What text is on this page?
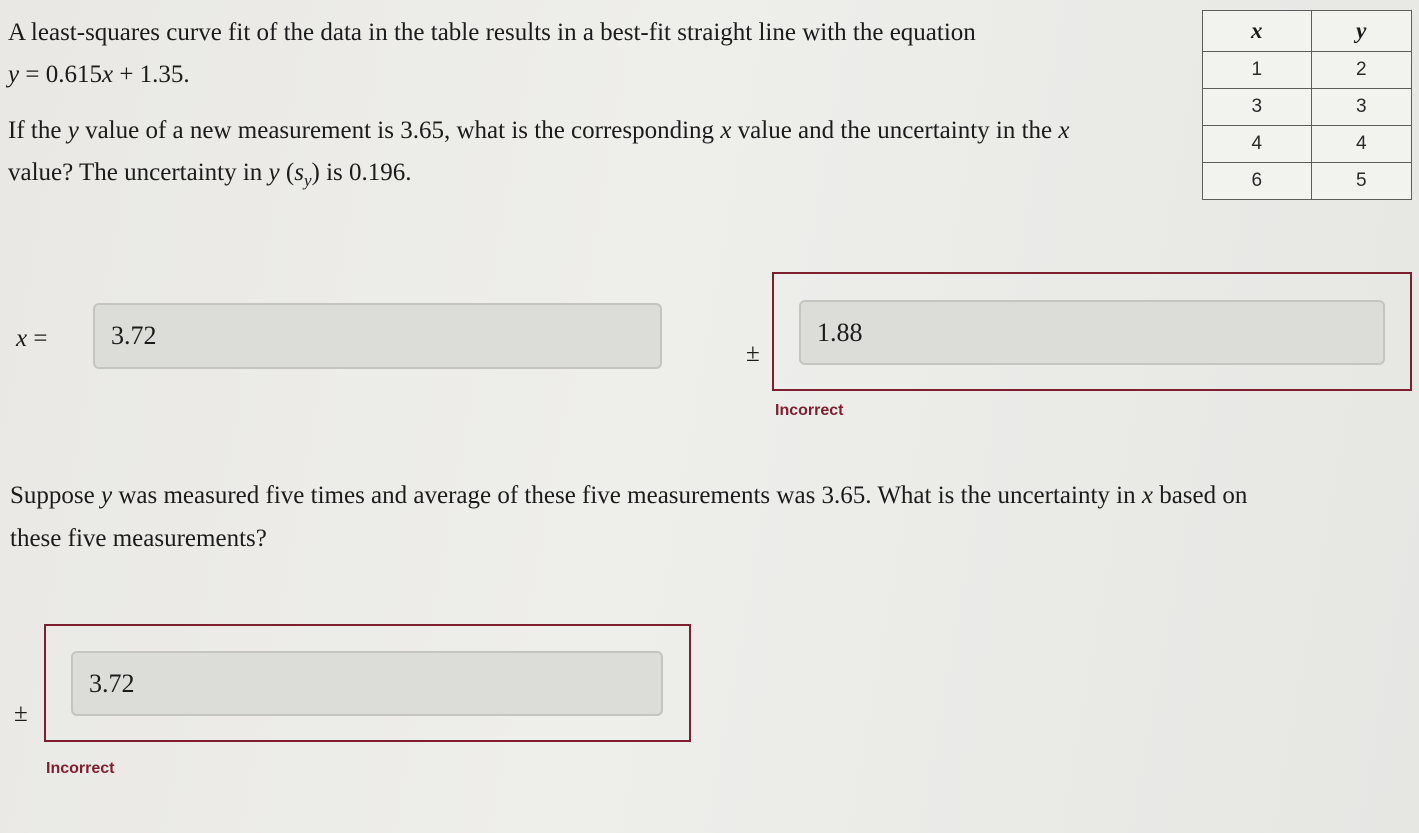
A least-squares curve fit of the data in the table results in a best-fit straight line with the equation

y = 0.615x + 1.35.

If the y value of a new measurement is 3.65, what is the corresponding x value and the uncertainty in the x

value? The uncertainty in y $(s_y)$ is 0.196.

x	y
1	2
3	3
4	4
6	5
x =	3.72
±
1.88
Incorrect

Suppose y was measured five times and average of these five measurements was 3.65. What is the uncertainty in x based on

these five measurements?

±
3.72
Incorrect
